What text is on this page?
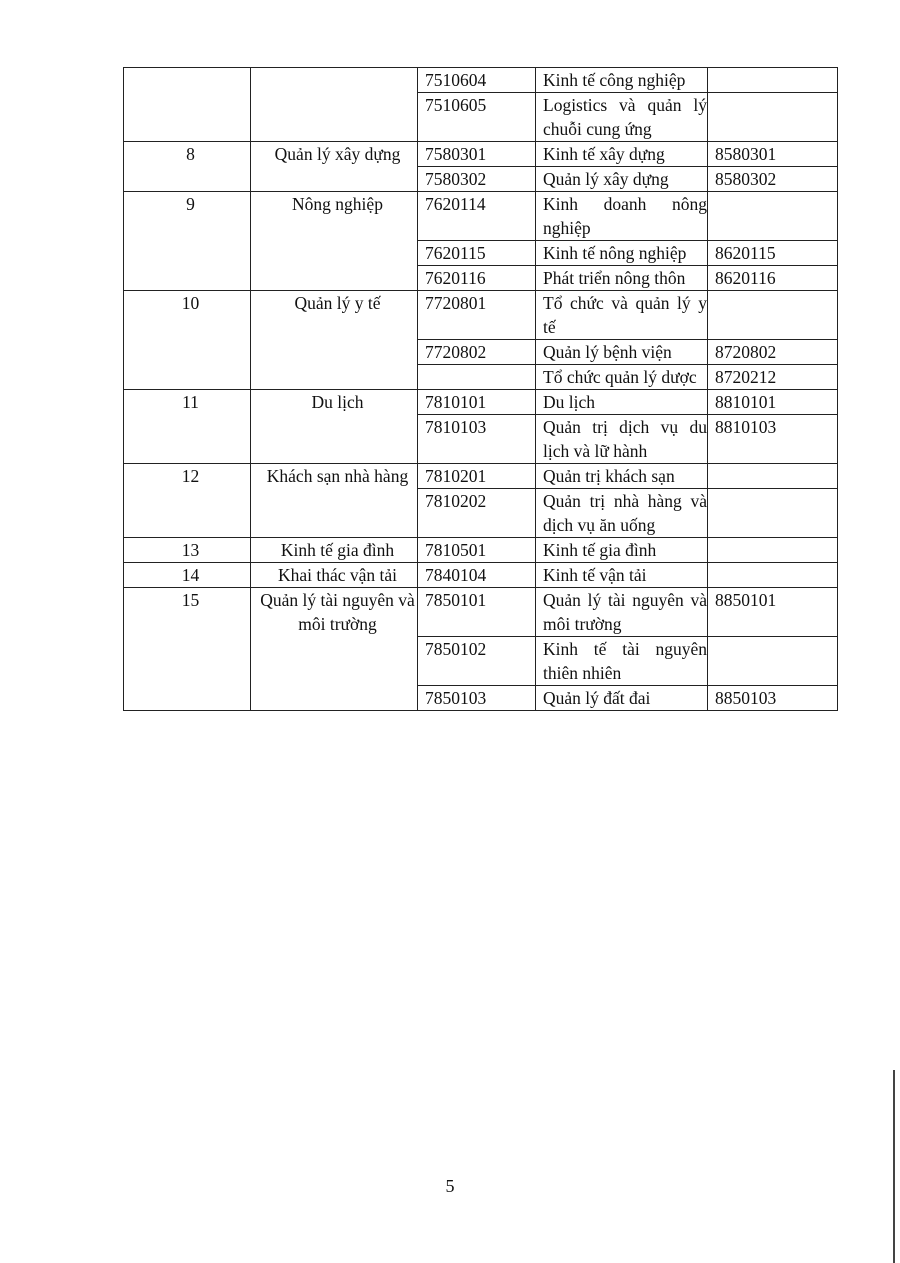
		7510604	Kinh tế công nghiệp	
		7510605	Logistics và quản lý chuỗi cung ứng	
8	Quản lý xây dựng	7580301	Kinh tế xây dựng	8580301
		7580302	Quản lý xây dựng	8580302
9	Nông nghiệp	7620114	Kinh doanh nông nghiệp	
		7620115	Kinh tế nông nghiệp	8620115
		7620116	Phát triển nông thôn	8620116
10	Quản lý y tế	7720801	Tổ chức và quản lý y tế	
		7720802	Quản lý bệnh viện	8720802
			Tổ chức quản lý dược	8720212
11	Du lịch	7810101	Du lịch	8810101
		7810103	Quản trị dịch vụ du lịch và lữ hành	8810103
12	Khách sạn nhà hàng	7810201	Quản trị khách sạn	
		7810202	Quản trị nhà hàng và dịch vụ ăn uống	
13	Kinh tế gia đình	7810501	Kinh tế gia đình	
14	Khai thác vận tải	7840104	Kinh tế vận tải	
15	Quản lý tài nguyên và môi trường	7850101	Quản lý tài nguyên và môi trường	8850101
		7850102	Kinh tế tài nguyên thiên nhiên	
		7850103	Quản lý đất đai	8850103
5
